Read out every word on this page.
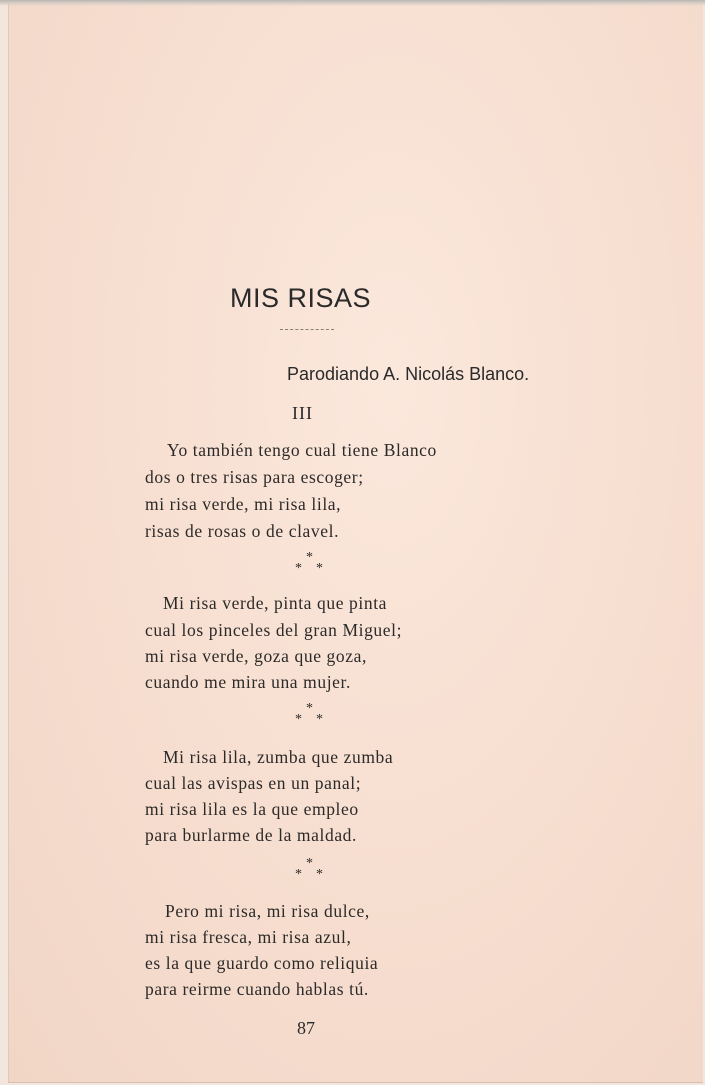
MIS RISAS
Parodiando A. Nicolás Blanco.
III
Yo también tengo cual tiene Blanco
dos o tres risas para escoger;
mi risa verde, mi risa lila,
risas de rosas o de clavel.
*
* *
Mi risa verde, pinta que pinta
cual los pinceles del gran Miguel;
mi risa verde, goza que goza,
cuando me mira una mujer.
*
* *
Mi risa lila, zumba que zumba
cual las avispas en un panal;
mi risa lila es la que empleo
para burlarme de la maldad.
*
* *
Pero mi risa, mi risa dulce,
mi risa fresca, mi risa azul,
es la que guardo como reliquia
para reirme cuando hablas tú.
87
